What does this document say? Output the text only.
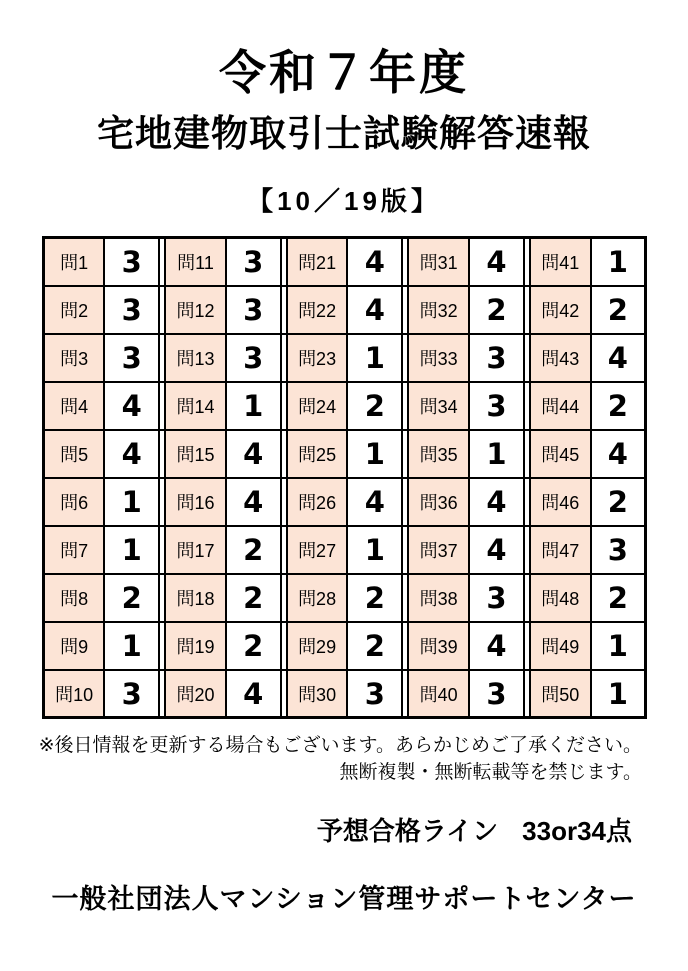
令和７年度
宅地建物取引士試験解答速報
【10／19版】
問1	3		問11	3		問21	4		問31	4		問41	1
問2	3		問12	3		問22	4		問32	2		問42	2
問3	3		問13	3		問23	1		問33	3		問43	4
問4	4		問14	1		問24	2		問34	3		問44	2
問5	4		問15	4		問25	1		問35	1		問45	4
問6	1		問16	4		問26	4		問36	4		問46	2
問7	1		問17	2		問27	1		問37	4		問47	3
問8	2		問18	2		問28	2		問38	3		問48	2
問9	1		問19	2		問29	2		問39	4		問49	1
問10	3		問20	4		問30	3		問40	3		問50	1
※後日情報を更新する場合もございます。あらかじめご了承ください。
無断複製・無断転載等を禁じます。
予想合格ライン 33or34点
一般社団法人マンション管理サポートセンター
